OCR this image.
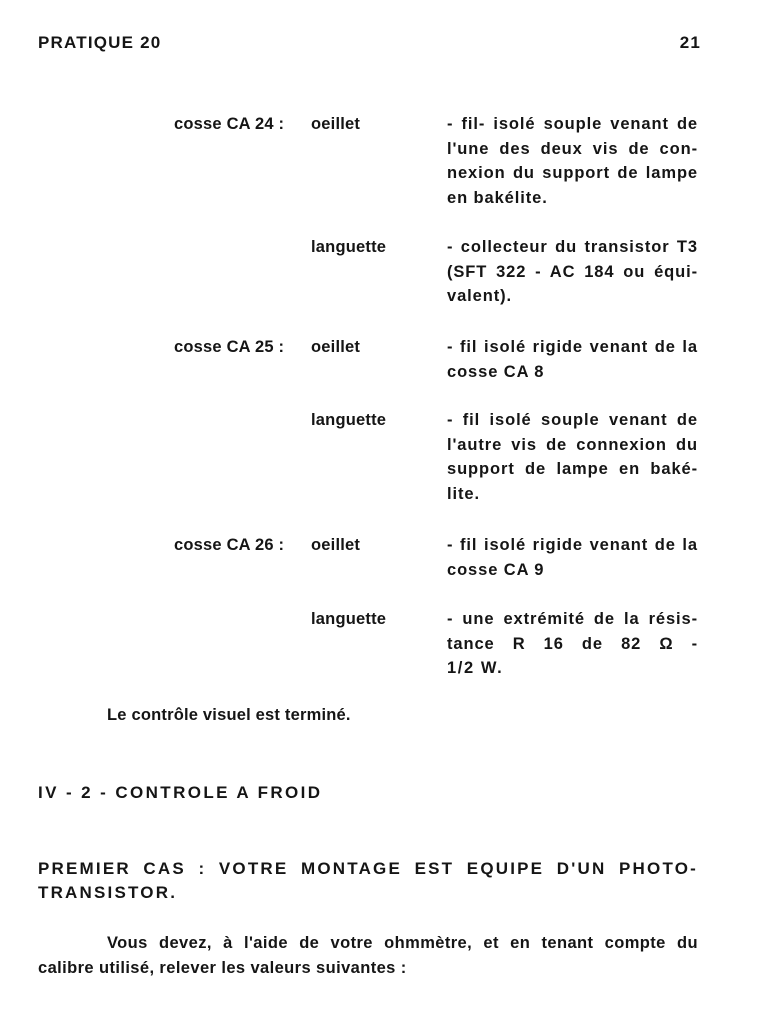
PRATIQUE 20	21
cosse CA 24 : oeillet	- fil- isolé souple venant de
l'une des deux vis de con-
nexion du support de lampe
en bakélite.
languette	- collecteur du transistor T3
(SFT 322 - AC 184 ou équi-
valent).
cosse CA 25 : oeillet	- fil isolé rigide venant de la
cosse CA 8
languette	- fil isolé souple venant de
l'autre vis de connexion du
support de lampe en baké-
lite.
cosse CA 26 : oeillet	- fil isolé rigide venant de la
cosse CA 9
languette	- une extrémité de la résis-
tance R 16 de 82 Ω -
1/2 W.
Le contrôle visuel est terminé.
IV - 2 - CONTROLE A FROID
PREMIER CAS : VOTRE MONTAGE EST EQUIPE D'UN PHOTO-
TRANSISTOR.
Vous devez, à l'aide de votre ohmmètre, et en tenant compte du
calibre utilisé, relever les valeurs suivantes :
